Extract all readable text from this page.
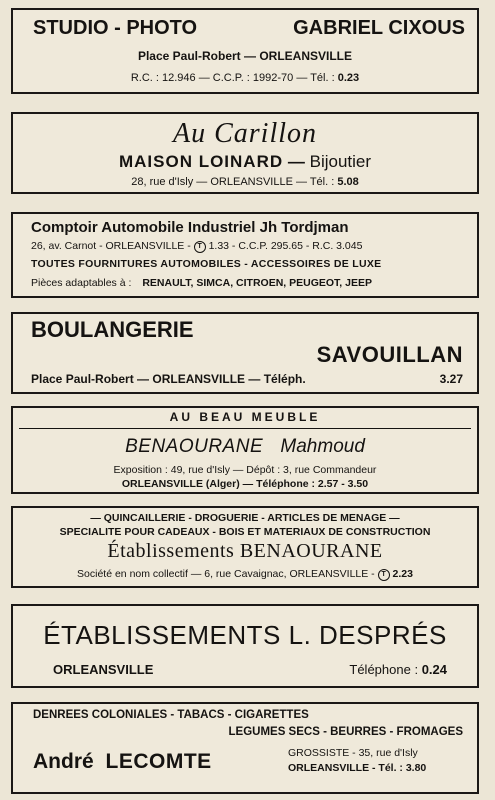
STUDIO - PHOTO	GABRIEL CIXOUS
Place Paul-Robert — ORLEANSVILLE
R.C. : 12.946 — C.C.P. : 1992-70 — Tél. : 0.23
Au Carillon
MAISON LOINARD — Bijoutier
28, rue d'Isly — ORLEANSVILLE — Tél. : 5.08
Comptoir Automobile Industriel Jh Tordjman
26, av. Carnot - ORLEANSVILLE - T 1.33 - C.C.P. 295.65 - R.C. 3.045
TOUTES FOURNITURES AUTOMOBILES - ACCESSOIRES DE LUXE
Pièces adaptables à : RENAULT, SIMCA, CITROEN, PEUGEOT, JEEP
BOULANGERIE
SAVOUILLAN
Place Paul-Robert — ORLEANSVILLE — Téléph.	3.27
AU BEAU MEUBLE
BENAOURANE Mahmoud
Exposition : 49, rue d'Isly — Dépôt : 3, rue Commandeur
ORLEANSVILLE (Alger) — Téléphone : 2.57 - 3.50
— QUINCAILLERIE - DROGUERIE - ARTICLES DE MENAGE —
SPECIALITE POUR CADEAUX - BOIS ET MATERIAUX DE CONSTRUCTION
Établissements BENAOURANE
Société en nom collectif — 6, rue Cavaignac, ORLEANSVILLE - T 2.23
ÉTABLISSEMENTS L. DESPRÉS
ORLEANSVILLE	Téléphone : 0.24
DENREES COLONIALES - TABACS - CIGARETTES
LEGUMES SECS - BEURRES - FROMAGES
André LECOMTE	GROSSISTE - 35, rue d'Isly
ORLEANSVILLE - Tél. : 3.80
